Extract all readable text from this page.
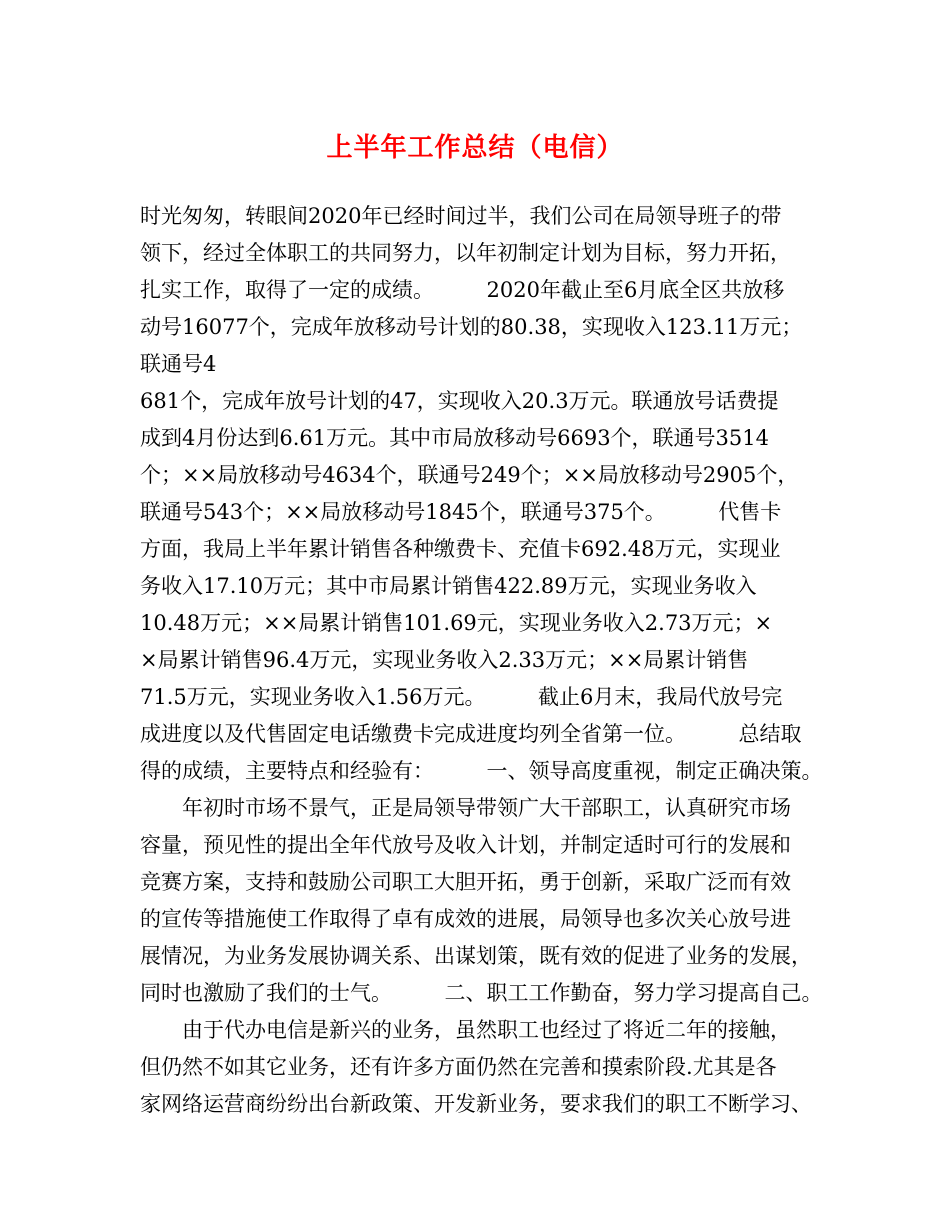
上半年工作总结（电信）
时光匆匆，转眼间2020年已经时间过半，我们公司在局领导班子的带
领下，经过全体职工的共同努力，以年初制定计划为目标，努力开拓，
扎实工作，取得了一定的成绩。　　　2020年截止至6月底全区共放移
动号16077个，完成年放移动号计划的80.38，实现收入123.11万元；
联通号4
681个，完成年放号计划的47，实现收入20.3万元。联通放号话费提
成到4月份达到6.61万元。其中市局放移动号6693个，联通号3514
个；××局放移动号4634个，联通号249个；××局放移动号2905个，
联通号543个；××局放移动号1845个，联通号375个。　　　代售卡
方面，我局上半年累计销售各种缴费卡、充值卡692.48万元，实现业
务收入17.10万元；其中市局累计销售422.89万元，实现业务收入
10.48万元；××局累计销售101.69元，实现业务收入2.73万元；×
×局累计销售96.4万元，实现业务收入2.33万元；××局累计销售
71.5万元，实现业务收入1.56万元。　　　截止6月末，我局代放号完
成进度以及代售固定电话缴费卡完成进度均列全省第一位。　　　总结取
得的成绩，主要特点和经验有：　　　一、领导高度重视，制定正确决策。
　　年初时市场不景气，正是局领导带领广大干部职工，认真研究市场
容量，预见性的提出全年代放号及收入计划，并制定适时可行的发展和
竞赛方案，支持和鼓励公司职工大胆开拓，勇于创新，采取广泛而有效
的宣传等措施使工作取得了卓有成效的进展，局领导也多次关心放号进
展情况，为业务发展协调关系、出谋划策，既有效的促进了业务的发展，
同时也激励了我们的士气。　　　二、职工工作勤奋，努力学习提高自己。
　　由于代办电信是新兴的业务，虽然职工也经过了将近二年的接触，
但仍然不如其它业务，还有许多方面仍然在完善和摸索阶段.尤其是各
家网络运营商纷纷出台新政策、开发新业务，要求我们的职工不断学习、
